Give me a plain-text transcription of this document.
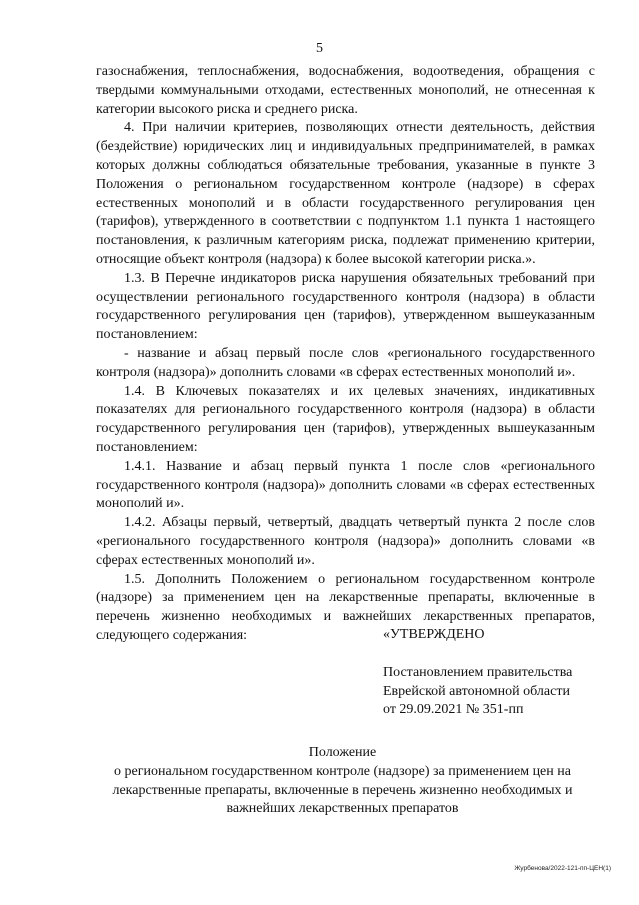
5

газоснабжения, теплоснабжения, водоснабжения, водоотведения, обращения с твердыми коммунальными отходами, естественных монополий, не отнесенная к категории высокого риска и среднего риска.

4. При наличии критериев, позволяющих отнести деятельность, действия (бездействие) юридических лиц и индивидуальных предпринимателей, в рамках которых должны соблюдаться обязательные требования, указанные в пункте 3 Положения о региональном государственном контроле (надзоре) в сферах естественных монополий и в области государственного регулирования цен (тарифов), утвержденного в соответствии с подпунктом 1.1 пункта 1 настоящего постановления, к различным категориям риска, подлежат применению критерии, относящие объект контроля (надзора) к более высокой категории риска.».

1.3. В Перечне индикаторов риска нарушения обязательных требований при осуществлении регионального государственного контроля (надзора) в области государственного регулирования цен (тарифов), утвержденном вышеуказанным постановлением:

- название и абзац первый после слов «регионального государственного контроля (надзора)» дополнить словами «в сферах естественных монополий и».

1.4. В Ключевых показателях и их целевых значениях, индикативных показателях для регионального государственного контроля (надзора) в области государственного регулирования цен (тарифов), утвержденных вышеуказанным постановлением:

1.4.1. Название и абзац первый пункта 1 после слов «регионального государственного контроля (надзора)» дополнить словами «в сферах естественных монополий и».

1.4.2. Абзацы первый, четвертый, двадцать четвертый пункта 2 после слов «регионального государственного контроля (надзора)» дополнить словами «в сферах естественных монополий и».

1.5. Дополнить Положением о региональном государственном контроле (надзоре) за применением цен на лекарственные препараты, включенные в перечень жизненно необходимых и важнейших лекарственных препаратов, следующего содержания:	«УТВЕРЖДЕНО

Постановлением правительства
Еврейской автономной области
от 29.09.2021 № 351-пп
Положение
о региональном государственном контроле (надзоре) за применением цен на
лекарственные препараты, включенные в перечень жизненно необходимых и
важнейших лекарственных препаратов
Журбенова/2022-121-пп-ЦЕН(1)
